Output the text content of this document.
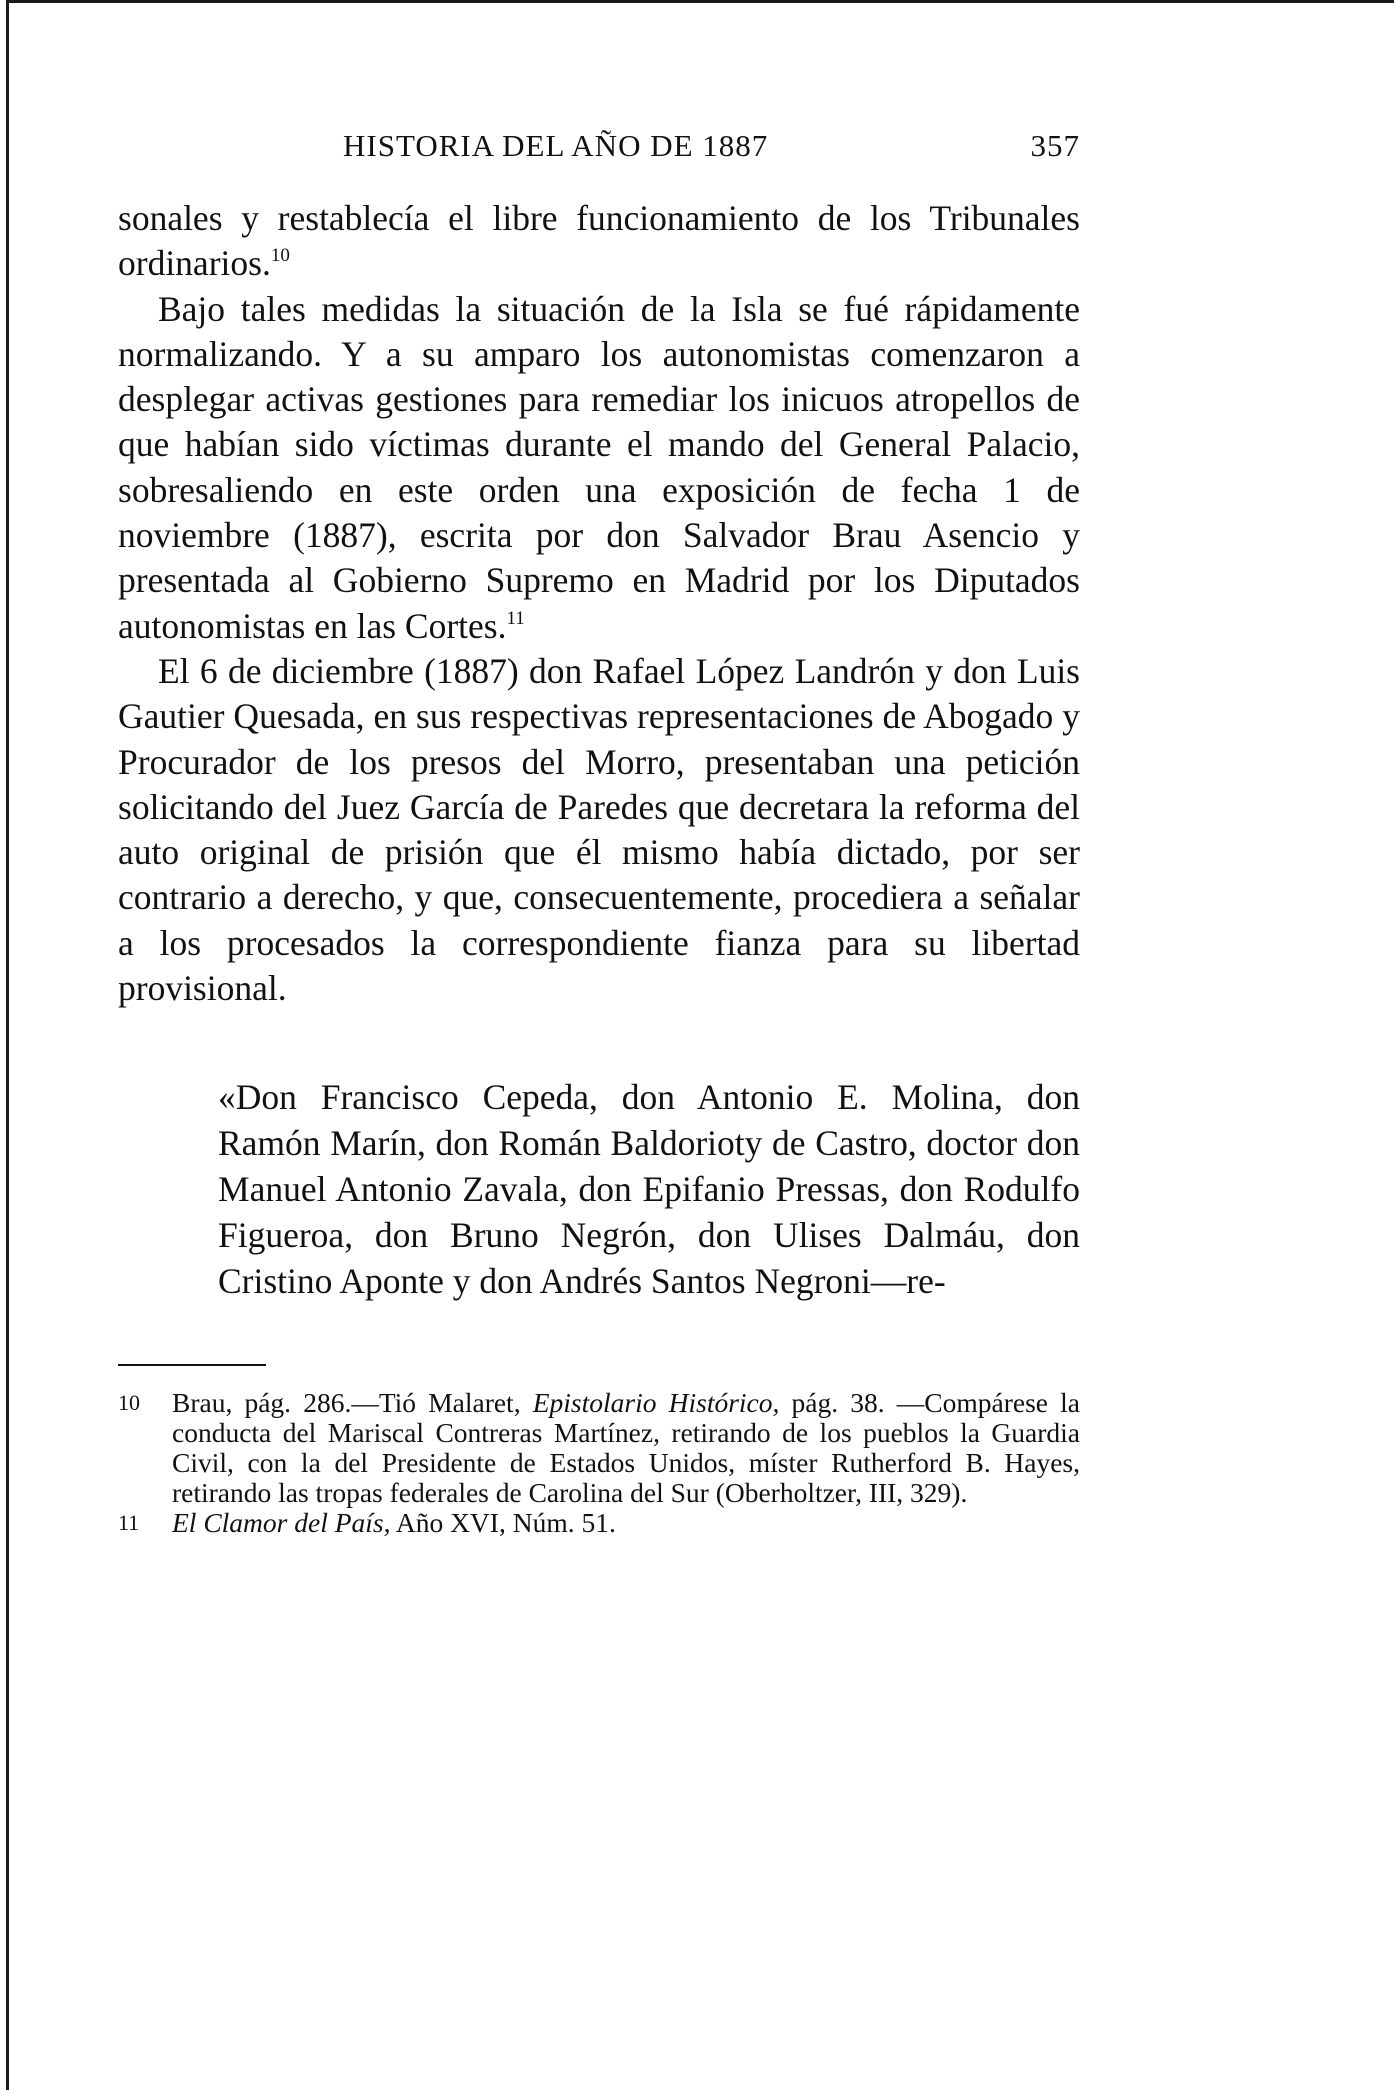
HISTORIA DEL AÑO DE 1887	357

sonales y restablecía el libre funcionamiento de los Tribunales ordinarios.$^{10}$

Bajo tales medidas la situación de la Isla se fué rápidamente normalizando. Y a su amparo los autonomistas comenzaron a desplegar activas gestiones para remediar los inicuos atropellos de que habían sido víctimas durante el mando del General Palacio, sobresaliendo en este orden una exposición de fecha 1 de noviembre (1887), escrita por don Salvador Brau Asencio y presentada al Gobierno Supremo en Madrid por los Diputados autonomistas en las Cortes.$^{11}$

El 6 de diciembre (1887) don Rafael López Landrón y don Luis Gautier Quesada, en sus respectivas representaciones de Abogado y Procurador de los presos del Morro, presentaban una petición solicitando del Juez García de Paredes que decretara la reforma del auto original de prisión que él mismo había dictado, por ser contrario a derecho, y que, consecuentemente, procediera a señalar a los procesados la correspondiente fianza para su libertad provisional.

«Don Francisco Cepeda, don Antonio E. Molina, don Ramón Marín, don Román Baldorioty de Castro, doctor don Manuel Antonio Zavala, don Epifanio Pressas, don Rodulfo Figueroa, don Bruno Negrón, don Ulises Dalmáu, don Cristino Aponte y don Andrés Santos Negroni—re-

10 Brau, pág. 286.—Tió Malaret, Epistolario Histórico, pág. 38. —Compárese la conducta del Mariscal Contreras Martínez, retirando de los pueblos la Guardia Civil, con la del Presidente de Estados Unidos, míster Rutherford B. Hayes, retirando las tropas federales de Carolina del Sur (Oberholtzer, III, 329).
11 El Clamor del País, Año XVI, Núm. 51.
